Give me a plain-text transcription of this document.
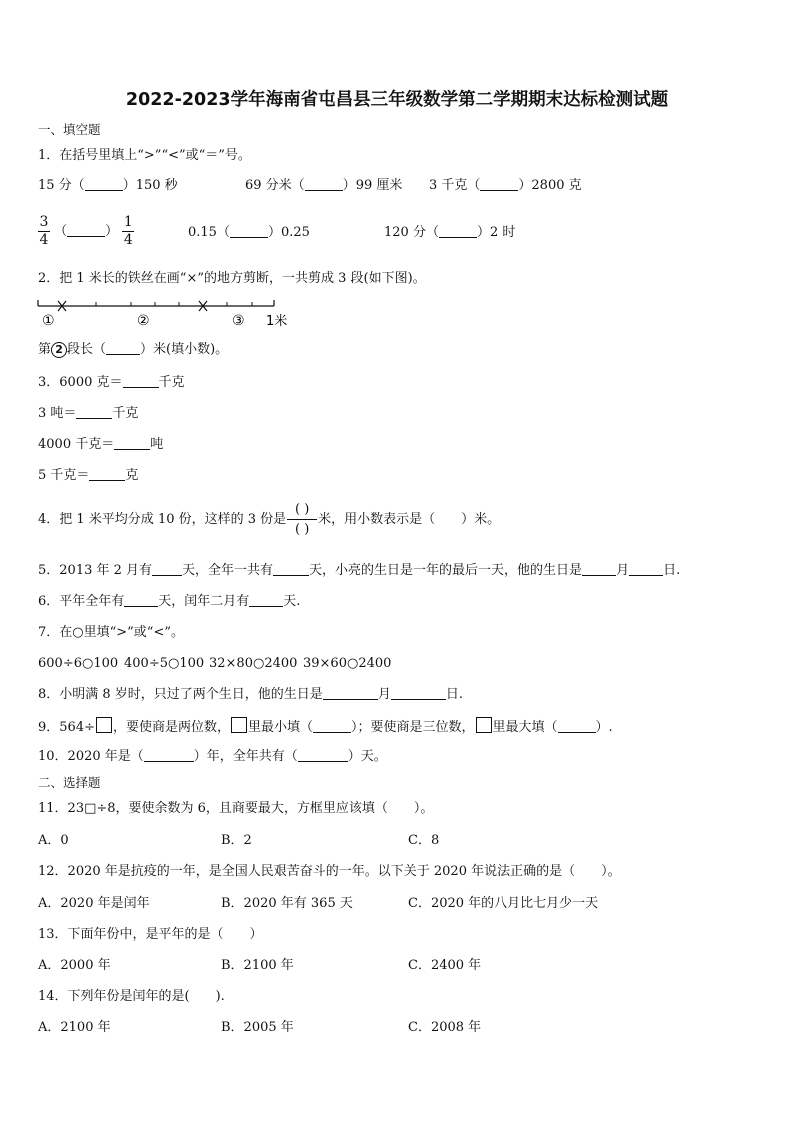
2022-2023学年海南省屯昌县三年级数学第二学期期末达标检测试题
一、填空题
1．在括号里填上“>”“<”或“＝”号。
15 分（	）150 秒	69 分米（	）99 厘米 3 千克（	）2800 克
$\frac{3}{4}$ （	） $\frac{1}{4}$	0.15（	）0.25	120 分（	）2 时
2．把 1 米长的铁丝在画“×”的地方剪断，一共剪成 3 段(如下图)。
①	②	③ 1米
第 2 段长（	）米(填小数)。
3．6000 克＝	千克
3 吨＝	千克
4000 千克＝	吨
5 千克＝	克
4．把 1 米平均分成 10 份，这样的 3 份是
( )
( )
米，用小数表示是（　　）米。
5．2013 年 2 月有 天，全年一共有	天，小亮的生日是一年的最后一天，他的生日是	月	日.
6．平年全年有	天，闰年二月有	天.
7．在○里填“>”或“<”。
600÷6○100 400÷5○100 32×80○2400 39×60○2400
8．小明满 8 岁时，只过了两个生日，他的生日是	月	日.
9．564÷ ，要使商是两位数， 里最小填（	）；要使商是三位数， 里最大填（	）.
10．2020 年是（	）年，全年共有（	）天。
二、选择题
11．23□÷8，要使余数为 6，且商要最大，方框里应该填（　　）。
A．0	B．2	C．8
12．2020 年是抗疫的一年，是全国人民艰苦奋斗的一年。以下关于 2020 年说法正确的是（　　）。
A．2020 年是闰年	B．2020 年有 365 天	C．2020 年的八月比七月少一天
13．下面年份中，是平年的是（　　）
A．2000 年	B．2100 年	C．2400 年
14．下列年份是闰年的是(　　).
A．2100 年	B．2005 年	C．2008 年
